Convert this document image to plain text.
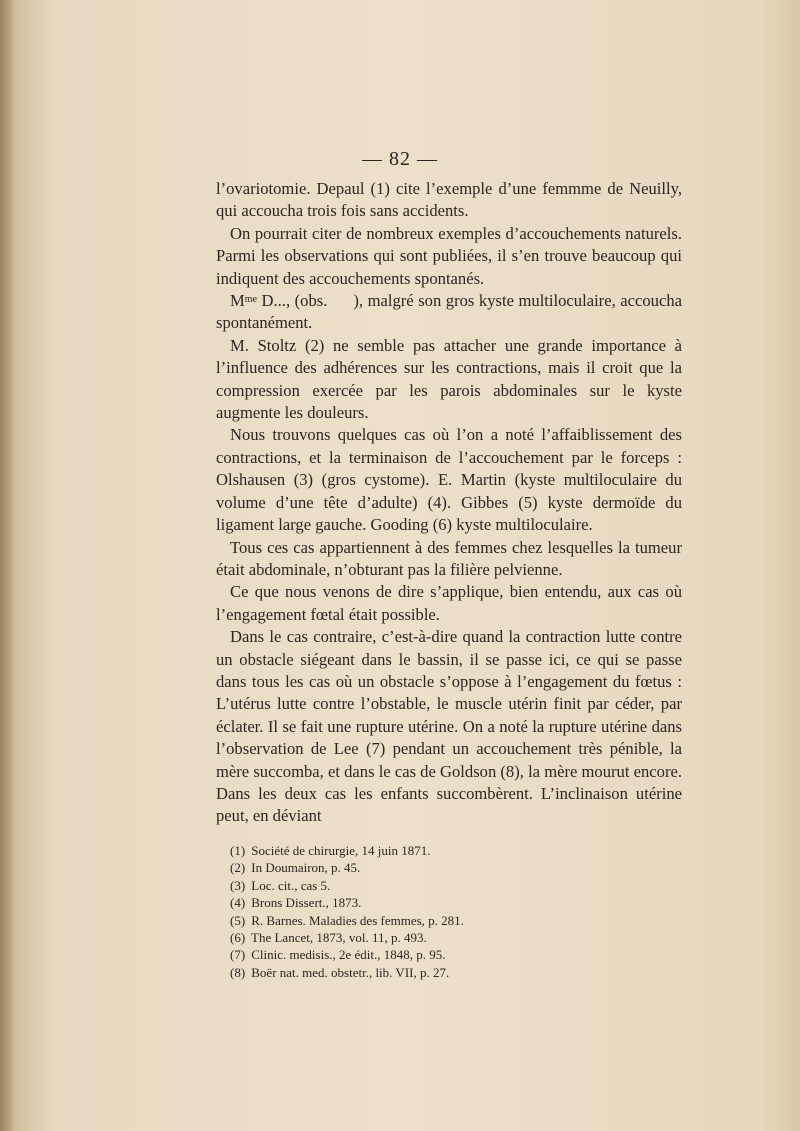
— 82 —

l’ovariotomie. Depaul (1) cite l’exemple d’une femmme de Neuilly, qui accoucha trois fois sans accidents.

On pourrait citer de nombreux exemples d’accouchements naturels. Parmi les observations qui sont publiées, il s’en trouve beaucoup qui indiquent des accouchements spontanés.

$M^{me}$ D..., (obs. ), malgré son gros kyste multiloculaire, accoucha spontanément.

M. Stoltz (2) ne semble pas attacher une grande importance à l’influence des adhérences sur les contractions, mais il croit que la compression exercée par les parois abdominales sur le kyste augmente les douleurs.

Nous trouvons quelques cas où l’on a noté l’affaiblissement des contractions, et la terminaison de l’accouchement par le forceps : Olshausen (3) (gros cystome). E. Martin (kyste multiloculaire du volume d’une tête d’adulte) (4). Gibbes (5) kyste dermoïde du ligament large gauche. Gooding (6) kyste multiloculaire.

Tous ces cas appartiennent à des femmes chez lesquelles la tumeur était abdominale, n’obturant pas la filière pelvienne.

Ce que nous venons de dire s’applique, bien entendu, aux cas où l’engagement fœtal était possible.

Dans le cas contraire, c’est-à-dire quand la contraction lutte contre un obstacle siégeant dans le bassin, il se passe ici, ce qui se passe dans tous les cas où un obstacle s’oppose à l’engagement du fœtus : L’utérus lutte contre l’obstable, le muscle utérin finit par céder, par éclater. Il se fait une rupture utérine. On a noté la rupture utérine dans l’observation de Lee (7) pendant un accouchement très pénible, la mère succomba, et dans le cas de Goldson (8), la mère mourut encore. Dans les deux cas les enfants succombèrent. L’inclinaison utérine peut, en déviant

(1) Société de chirurgie, 14 juin 1871.
(2) In Doumairon, p. 45.
(3) Loc. cit., cas 5.
(4) Brons Dissert., 1873.
(5) R. Barnes. Maladies des femmes, p. 281.
(6) The Lancet, 1873, vol. 11, p. 493.
(7) Clinic. medisis., 2e édit., 1848, p. 95.
(8) Boër nat. med. obstetr., lib. VII, p. 27.
